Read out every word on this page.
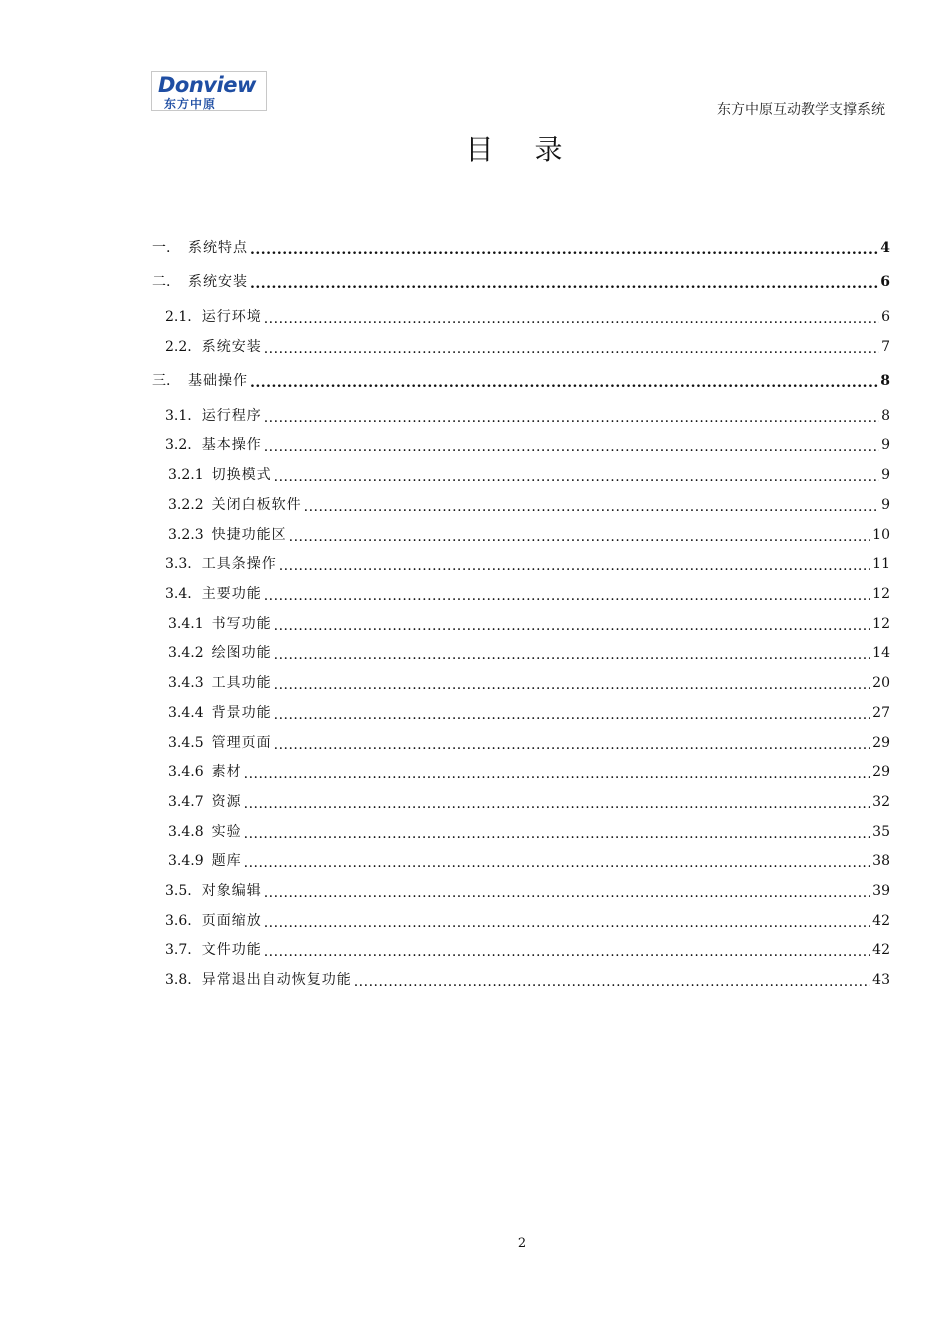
Donview
东方中原	东方中原互动教学支撑系统
目 录
一.	系统特点 .....	4
二.	系统安装 .....	6
2.1. 运行环境 .....	6
2.2. 系统安装 .....	7
三.	基础操作 .....	8
3.1. 运行程序 .....	8
3.2. 基本操作 .....	9
3.2.1 切换模式 .....	9
3.2.2 关闭白板软件 .....	9
3.2.3 快捷功能区 .....	10
3.3. 工具条操作 .....	11
3.4. 主要功能 .....	12
3.4.1 书写功能 .....	12
3.4.2 绘图功能 .....	14
3.4.3 工具功能 .....	20
3.4.4 背景功能 .....	27
3.4.5 管理页面 .....	29
3.4.6 素材 .....	29
3.4.7 资源 .....	32
3.4.8 实验 .....	35
3.4.9 题库 .....	38
3.5. 对象编辑 .....	39
3.6. 页面缩放 .....	42
3.7. 文件功能 .....	42
3.8. 异常退出自动恢复功能 .....	43
2
